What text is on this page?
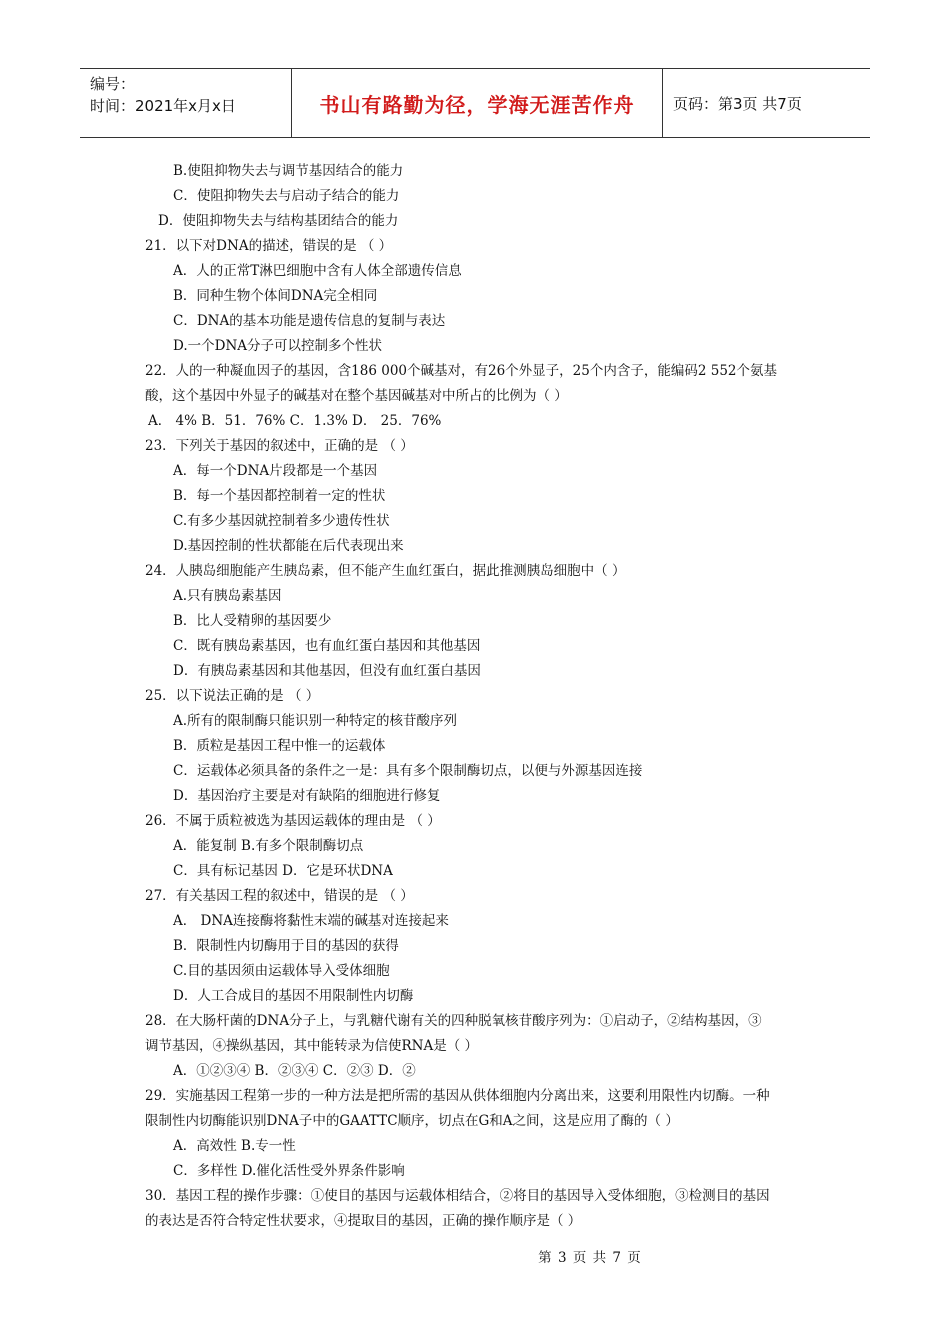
编号：
时间：2021年x月x日	书山有路勤为径，学海无涯苦作舟	页码：第3页 共7页
B.使阻抑物失去与调节基因结合的能力
C．使阻抑物失去与启动子结合的能力
D．使阻抑物失去与结构基团结合的能力
21．以下对DNA的描述，错误的是 （ ）
A．人的正常T淋巴细胞中含有人体全部遗传信息
B．同种生物个体间DNA完全相同
C．DNA的基本功能是遗传信息的复制与表达
D.一个DNA分子可以控制多个性状
22．人的一种凝血因子的基因，含186 000个碱基对，有26个外显子，25个内含子，能编码2 552个氨基
酸，这个基因中外显子的碱基对在整个基因碱基对中所占的比例为（ ）
A． 4% B．51．76% C．1.3% D． 25．76%
23．下列关于基因的叙述中，正确的是 （ ）
A．每一个DNA片段都是一个基因
B．每一个基因都控制着一定的性状
C.有多少基因就控制着多少遗传性状
D.基因控制的性状都能在后代表现出来
24．人胰岛细胞能产生胰岛素，但不能产生血红蛋白，据此推测胰岛细胞中（ ）
A.只有胰岛素基因
B．比人受精卵的基因要少
C．既有胰岛素基因，也有血红蛋白基因和其他基因
D．有胰岛素基因和其他基因，但没有血红蛋白基因
25．以下说法正确的是 （ ）
A.所有的限制酶只能识别一种特定的核苷酸序列
B．质粒是基因工程中惟一的运载体
C．运载体必须具备的条件之一是：具有多个限制酶切点，以便与外源基因连接
D．基因治疗主要是对有缺陷的细胞进行修复
26．不属于质粒被选为基因运载体的理由是 （ ）
A．能复制 B.有多个限制酶切点
C．具有标记基因 D．它是环状DNA
27．有关基因工程的叙述中，错误的是 （ ）
A． DNA连接酶将黏性末端的碱基对连接起来
B．限制性内切酶用于目的基因的获得
C.目的基因须由运载体导入受体细胞
D．人工合成目的基因不用限制性内切酶
28．在大肠杆菌的DNA分子上，与乳糖代谢有关的四种脱氧核苷酸序列为：①启动子，②结构基因，③
调节基因，④操纵基因，其中能转录为信使RNA是（ ）
A．①②③④ B．②③④ C．②③ D．②
29．实施基因工程第一步的一种方法是把所需的基因从供体细胞内分离出来，这要利用限性内切酶。一种
限制性内切酶能识别DNA子中的GAATTC顺序，切点在G和A之间，这是应用了酶的（ ）
A．高效性 B.专一性
C．多样性 D.催化活性受外界条件影响
30．基因工程的操作步骤：①使目的基因与运载体相结合，②将目的基因导入受体细胞，③检测目的基因
的表达是否符合特定性状要求，④提取目的基因，正确的操作顺序是（ ）
第 3 页 共 7 页
